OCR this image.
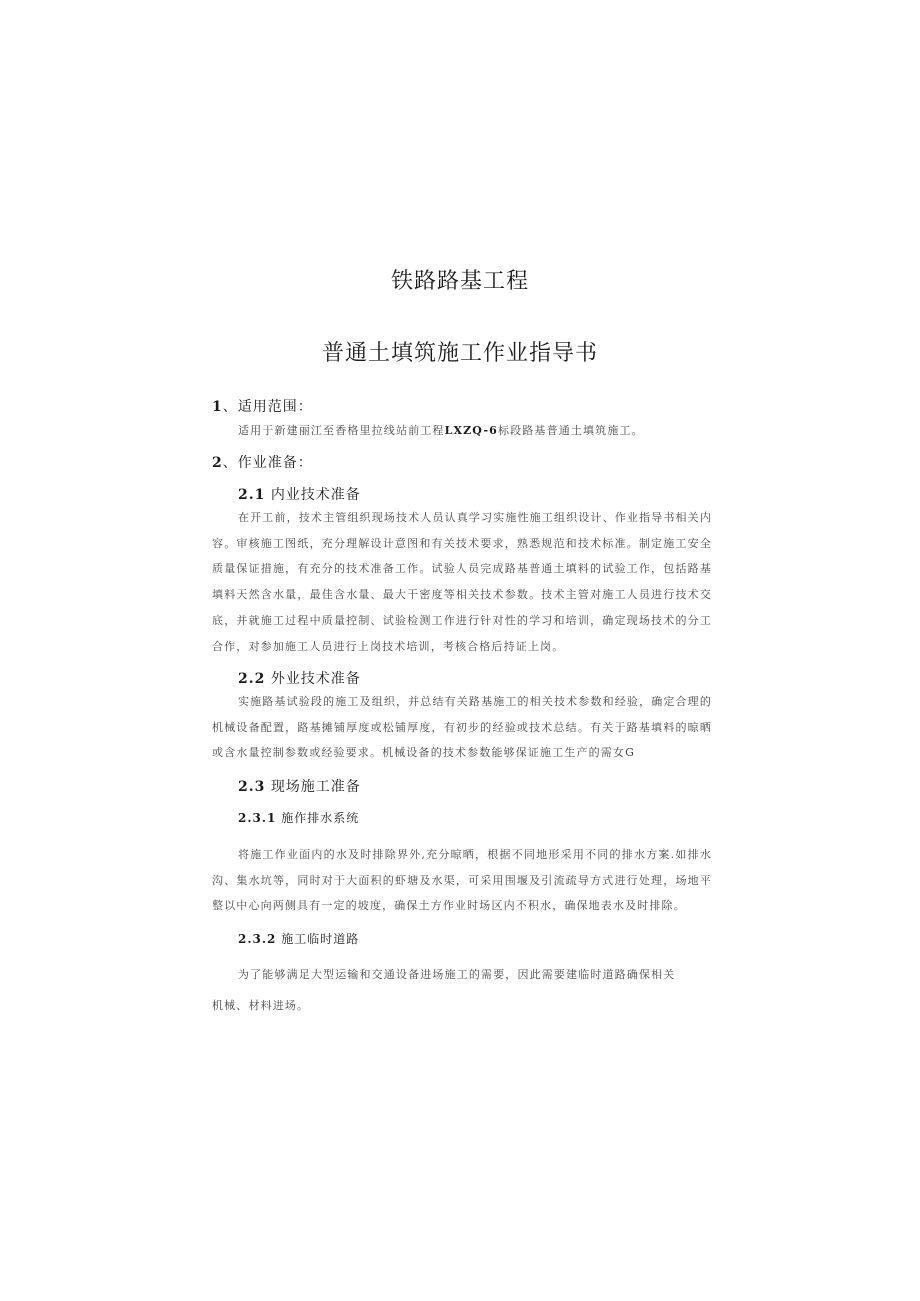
铁路路基工程
普通土填筑施工作业指导书
1、适用范围：
适用于新建丽江至香格里拉线站前工程LXZQ-6标段路基普通土填筑施工。
2、作业准备：
2.1 内业技术准备
在开工前，技术主管组织现场技术人员认真学习实施性施工组织设计、作业指导书相关内容。审核施工图纸，充分理解设计意图和有关技术要求，熟悉规范和技术标准。制定施工安全质量保证措施，有充分的技术准备工作。试验人员完成路基普通土填料的试验工作，包括路基填料天然含水量，最佳含水量、最大干密度等相关技术参数。技术主管对施工人员进行技术交底，并就施工过程中质量控制、试验检测工作进行针对性的学习和培训，确定现场技术的分工合作，对参加施工人员进行上岗技术培训，考核合格后持证上岗。
2.2 外业技术准备
实施路基试验段的施工及组织，并总结有关路基施工的相关技术参数和经验，确定合理的机械设备配置，路基摊铺厚度或松铺厚度，有初步的经验或技术总结。有关于路基填料的晾晒或含水量控制参数或经验要求。机械设备的技术参数能够保证施工生产的需女G
2.3 现场施工准备
2.3.1 施作排水系统
将施工作业面内的水及时排除界外,充分晾晒，根据不同地形采用不同的排水方案.如排水沟、集水坑等，同时对于大面积的虾塘及水渠，可采用围堰及引流疏导方式进行处理，场地平整以中心向两侧具有一定的坡度，确保土方作业时场区内不积水，确保地表水及时排除。
2.3.2 施工临时道路
为了能够满足大型运输和交通设备进场施工的需要，因此需要建临时道路确保相关
机械、材料进场。
